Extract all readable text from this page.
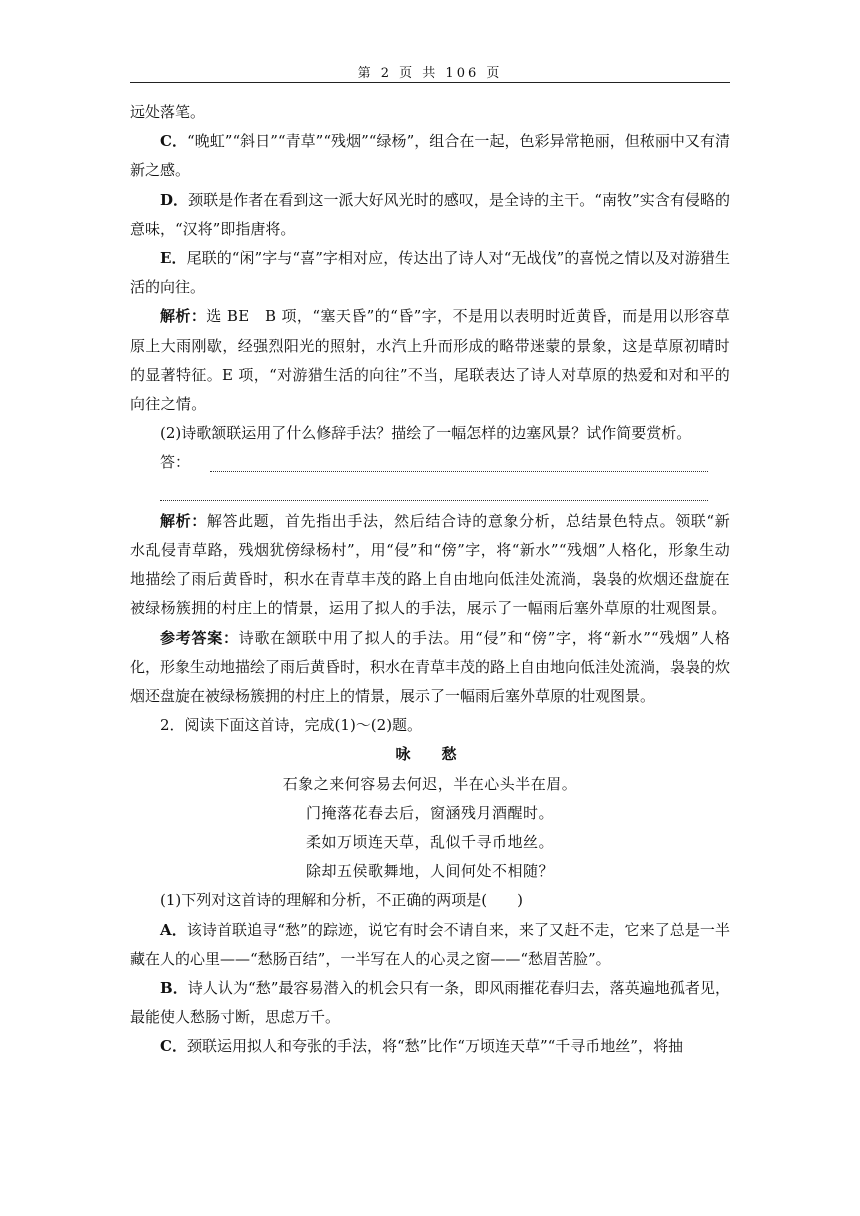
第 2 页 共 106 页

远处落笔。

C．“晚虹”“斜日”“青草”“残烟”“绿杨”，组合在一起，色彩异常艳丽，但秾丽中又有清新之感。

D．颈联是作者在看到这一派大好风光时的感叹，是全诗的主干。“南牧”实含有侵略的意味，“汉将”即指唐将。

E．尾联的“闲”字与“喜”字相对应，传达出了诗人对“无战伐”的喜悦之情以及对游猎生活的向往。

解析：选 BE　B 项，“塞天昏”的“昏”字，不是用以表明时近黄昏，而是用以形容草原上大雨刚歇，经强烈阳光的照射，水汽上升而形成的略带迷蒙的景象，这是草原初晴时的显著特征。E 项，“对游猎生活的向往”不当，尾联表达了诗人对草原的热爱和对和平的向往之情。

(2)诗歌颔联运用了什么修辞手法？描绘了一幅怎样的边塞风景？试作简要赏析。

答：

解析：解答此题，首先指出手法，然后结合诗的意象分析，总结景色特点。领联“新水乱侵青草路，残烟犹傍绿杨村”，用“侵”和“傍”字，将“新水”“残烟”人格化，形象生动地描绘了雨后黄昏时，积水在青草丰茂的路上自由地向低洼处流淌，袅袅的炊烟还盘旋在被绿杨簇拥的村庄上的情景，运用了拟人的手法，展示了一幅雨后塞外草原的壮观图景。

参考答案：诗歌在颔联中用了拟人的手法。用“侵”和“傍”字，将“新水”“残烟”人格化，形象生动地描绘了雨后黄昏时，积水在青草丰茂的路上自由地向低洼处流淌，袅袅的炊烟还盘旋在被绿杨簇拥的村庄上的情景，展示了一幅雨后塞外草原的壮观图景。

2．阅读下面这首诗，完成(1)～(2)题。

咏　愁

石象之来何容易去何迟，半在心头半在眉。

门掩落花春去后，窗涵残月酒醒时。

柔如万顷连天草，乱似千寻币地丝。

除却五侯歌舞地，人间何处不相随？

(1)下列对这首诗的理解和分析，不正确的两项是(　　)

A．该诗首联追寻“愁”的踪迹，说它有时会不请自来，来了又赶不走，它来了总是一半藏在人的心里——“愁肠百结”，一半写在人的心灵之窗——“愁眉苦脸”。

B．诗人认为“愁”最容易潜入的机会只有一条，即风雨摧花春归去，落英遍地孤者见，最能使人愁肠寸断，思虑万千。

C．颈联运用拟人和夸张的手法，将“愁”比作“万顷连天草”“千寻币地丝”，将抽
